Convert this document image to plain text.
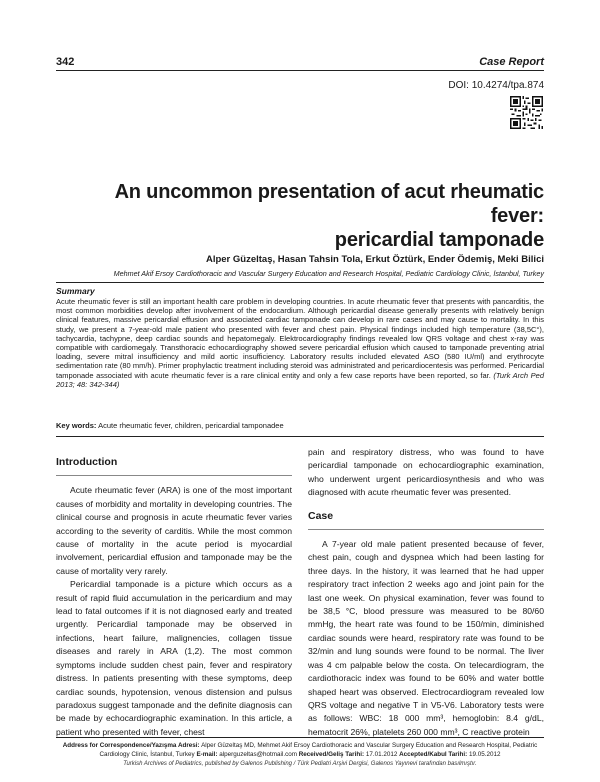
342	Case Report
DOI: 10.4274/tpa.874
An uncommon presentation of acut rheumatic fever:
pericardial tamponade
Alper Güzeltaş, Hasan Tahsin Tola, Erkut Öztürk, Ender Ödemiş, Meki Bilici
Mehmet Akif Ersoy Cardiothoracic and Vascular Surgery Education and Research Hospital, Pediatric Cardiology Clinic, İstanbul, Turkey
Summary
Acute rheumatic fever is still an important health care problem in developing countries. In acute rheumatic fever that presents with pancarditis, the most common morbidities develop after involvement of the endocardium. Although pericardial disease generally presents with relatively benign clinical features, massive pericardial effusion and associated cardiac tamponade can develop in rare cases and may cause to mortality. In this study, we present a 7-year-old male patient who presented with fever and chest pain. Physical findings included high temperature (38,5C°), tachycardia, tachypne, deep cardiac sounds and hepatomegaly. Elektrocardiography findings revealed low QRS voltage and chest x-ray was compatible with cardiomegaly. Transthoracic echocardiography showed severe pericardial effusion which caused to tamponade preventing atrial loading, severe mitral insufficiency and mild aortic insufficiency. Laboratory results included elevated ASO (580 IU/ml) and erythrocyte sedimentation rate (80 mm/h). Primer prophylactic treatment including steroid was administrated and pericardiocentesis was performed. Pericardial tamponade associated with acute rheumatic fever is a rare clinical entity and only a few case reports have been reported, so far. (Turk Arch Ped 2013; 48: 342-344)
Key words: Acute rheumatic fever, children, pericardial tamponadee
Introduction

Acute rheumatic fever (ARA) is one of the most important causes of morbidity and mortality in developing countries. The clinical course and prognosis in acute rheumatic fever varies according to the severity of carditis. While the most common cause of mortality in the acute period is myocardial involvement, pericardial effusion and tamponade may be the cause of mortality very rarely.

Pericardial tamponade is a picture which occurs as a result of rapid fluid accumulation in the pericardium and may lead to fatal outcomes if it is not diagnosed early and treated urgently. Pericardial tamponade may be observed in infections, heart failure, malignencies, collagen tissue diseases and rarely in ARA (1,2). The most common symptoms include sudden chest pain, fever and respiratory distress. In patients presenting with these symptoms, deep cardiac sounds, hypotension, venous distension and pulsus paradoxus suggest tamponade and the definite diagnosis can be made by echocardiographic examination. In this article, a patient who presented with fever, chest

pain and respiratory distress, who was found to have pericardial tamponade on echocardiographic examination, who underwent urgent pericardiosynthesis and who was diagnosed with acute rheumatic fever was presented.

Case

A 7-year old male patient presented because of fever, chest pain, cough and dyspnea which had been lasting for three days. In the history, it was learned that he had upper respiratory tract infection 2 weeks ago and joint pain for the last one week. On physical examination, fever was found to be 38,5 °C, blood pressure was measured to be 80/60 mmHg, the heart rate was found to be 150/min, diminished cardiac sounds were heard, respiratory rate was found to be 32/min and lung sounds were found to be normal. The liver was 4 cm palpable below the costa. On telecardiogram, the cardiothoracic index was found to be 60% and water bottle shaped heart was observed. Electrocardiogram revealed low QRS voltage and negative T in V5-V6. Laboratory tests were as follows: WBC: 18 000 mm³, hemoglobin: 8.4 g/dL, hematocrit 26%, platelets 260 000 mm³, C reactive protein

Address for Correspondence/Yazışma Adresi: Alper Güzeltaş MD, Mehmet Akif Ersoy Cardiothoracic and Vascular Surgery Education and Research Hospital, Pediatric Cardiology Clinic, İstanbul, Turkey E-mail: alperguzeltas@hotmail.com Received/Geliş Tarihi: 17.01.2012 Accepted/Kabul Tarihi: 19.05.2012
Turkish Archives of Pediatrics, published by Galenos Publishing / Türk Pediatri Arşivi Dergisi, Galenos Yayınevi tarafından basılmıştır.
